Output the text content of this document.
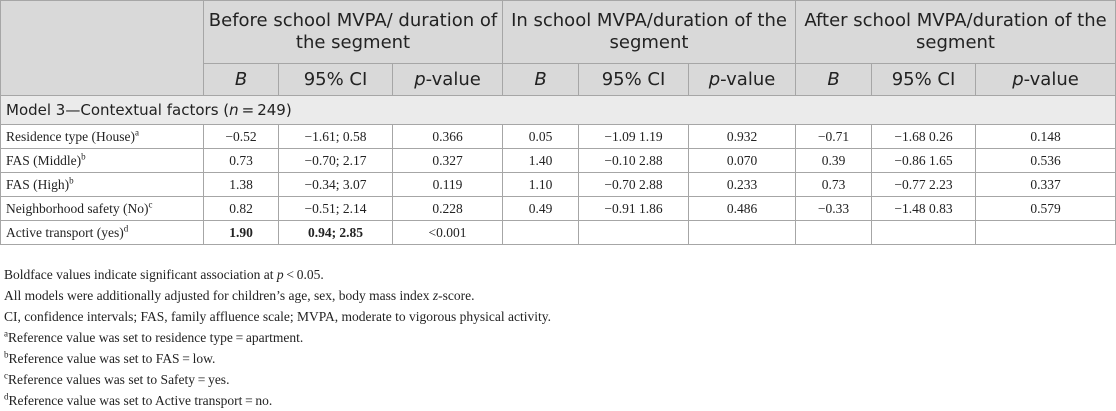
	Before school MVPA/ duration of the segment			In school MVPA/duration of the segment			After school MVPA/duration of the segment		
	B	95% CI	p-value	B	95% CI	p-value	B	95% CI	p-value
Model 3—Contextual factors (n = 249)									
Residence type (House)$^a$	−0.52	−1.61; 0.58	0.366	0.05	−1.09 1.19	0.932	−0.71	−1.68 0.26	0.148
FAS (Middle)$^b$	0.73	−0.70; 2.17	0.327	1.40	−0.10 2.88	0.070	0.39	−0.86 1.65	0.536
FAS (High)$^b$	1.38	−0.34; 3.07	0.119	1.10	−0.70 2.88	0.233	0.73	−0.77 2.23	0.337
Neighborhood safety $(No)^c$	0.82	−0.51; 2.14	0.228	0.49	−0.91 1.86	0.486	−0.33	−1.48 0.83	0.579
Active transport (yes)$^d$	1.90	0.94; 2.85	<0.001						
Boldface values indicate significant association at p < 0.05.
All models were additionally adjusted for children’s age, sex, body mass index z-score.
CI, confidence intervals; FAS, family affluence scale; MVPA, moderate to vigorous physical activity.
$^a$Reference value was set to residence type = apartment.
$^b$Reference value was set to FAS = low.
$^c$Reference values was set to Safety = yes.
$^d$Reference value was set to Active transport = no.
